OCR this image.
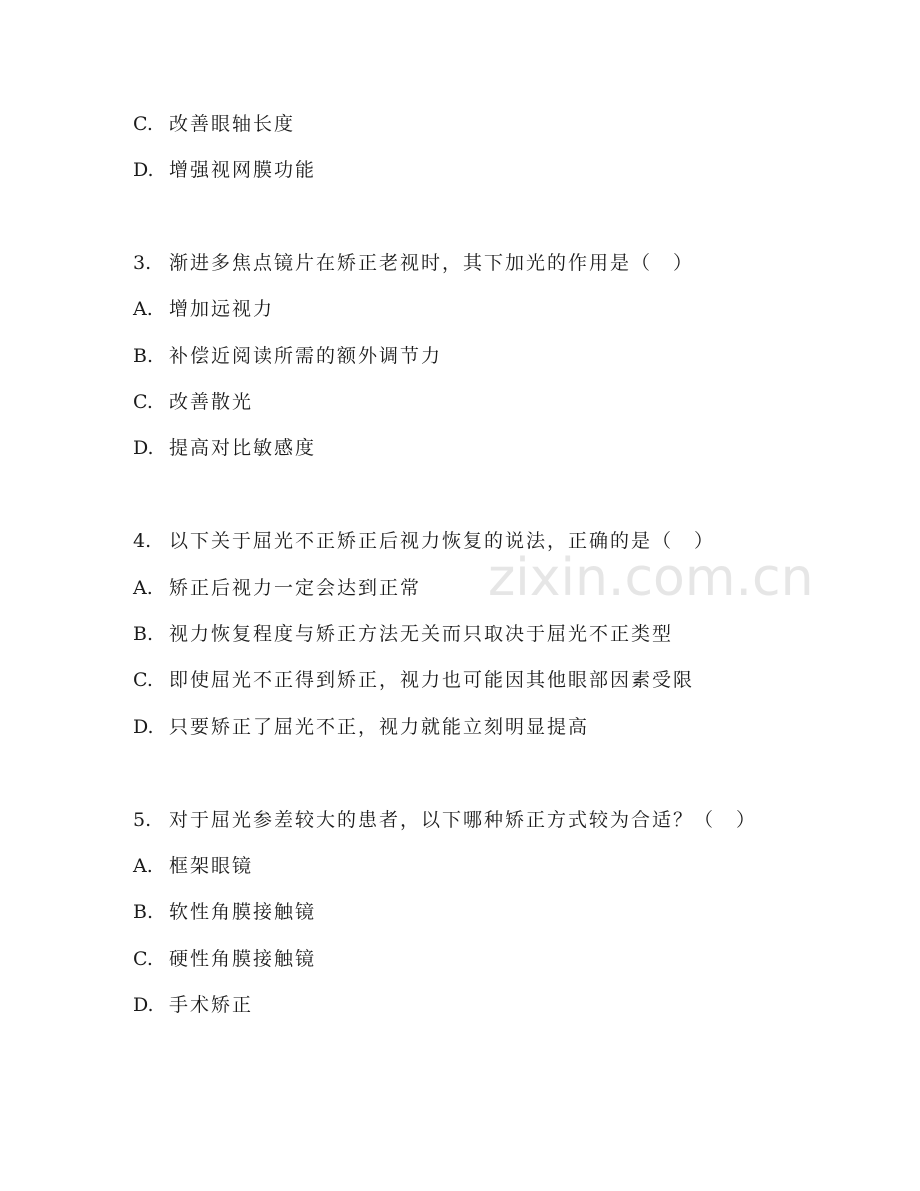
zixin.com.cn
C. 改善眼轴长度
D. 增强视网膜功能
3. 渐进多焦点镜片在矫正老视时，其下加光的作用是（　）
A. 增加远视力
B. 补偿近阅读所需的额外调节力
C. 改善散光
D. 提高对比敏感度
4. 以下关于屈光不正矫正后视力恢复的说法，正确的是（　）
A. 矫正后视力一定会达到正常
B. 视力恢复程度与矫正方法无关而只取决于屈光不正类型
C. 即使屈光不正得到矫正，视力也可能因其他眼部因素受限
D. 只要矫正了屈光不正，视力就能立刻明显提高
5. 对于屈光参差较大的患者，以下哪种矫正方式较为合适？（　）
A. 框架眼镜
B. 软性角膜接触镜
C. 硬性角膜接触镜
D. 手术矫正
